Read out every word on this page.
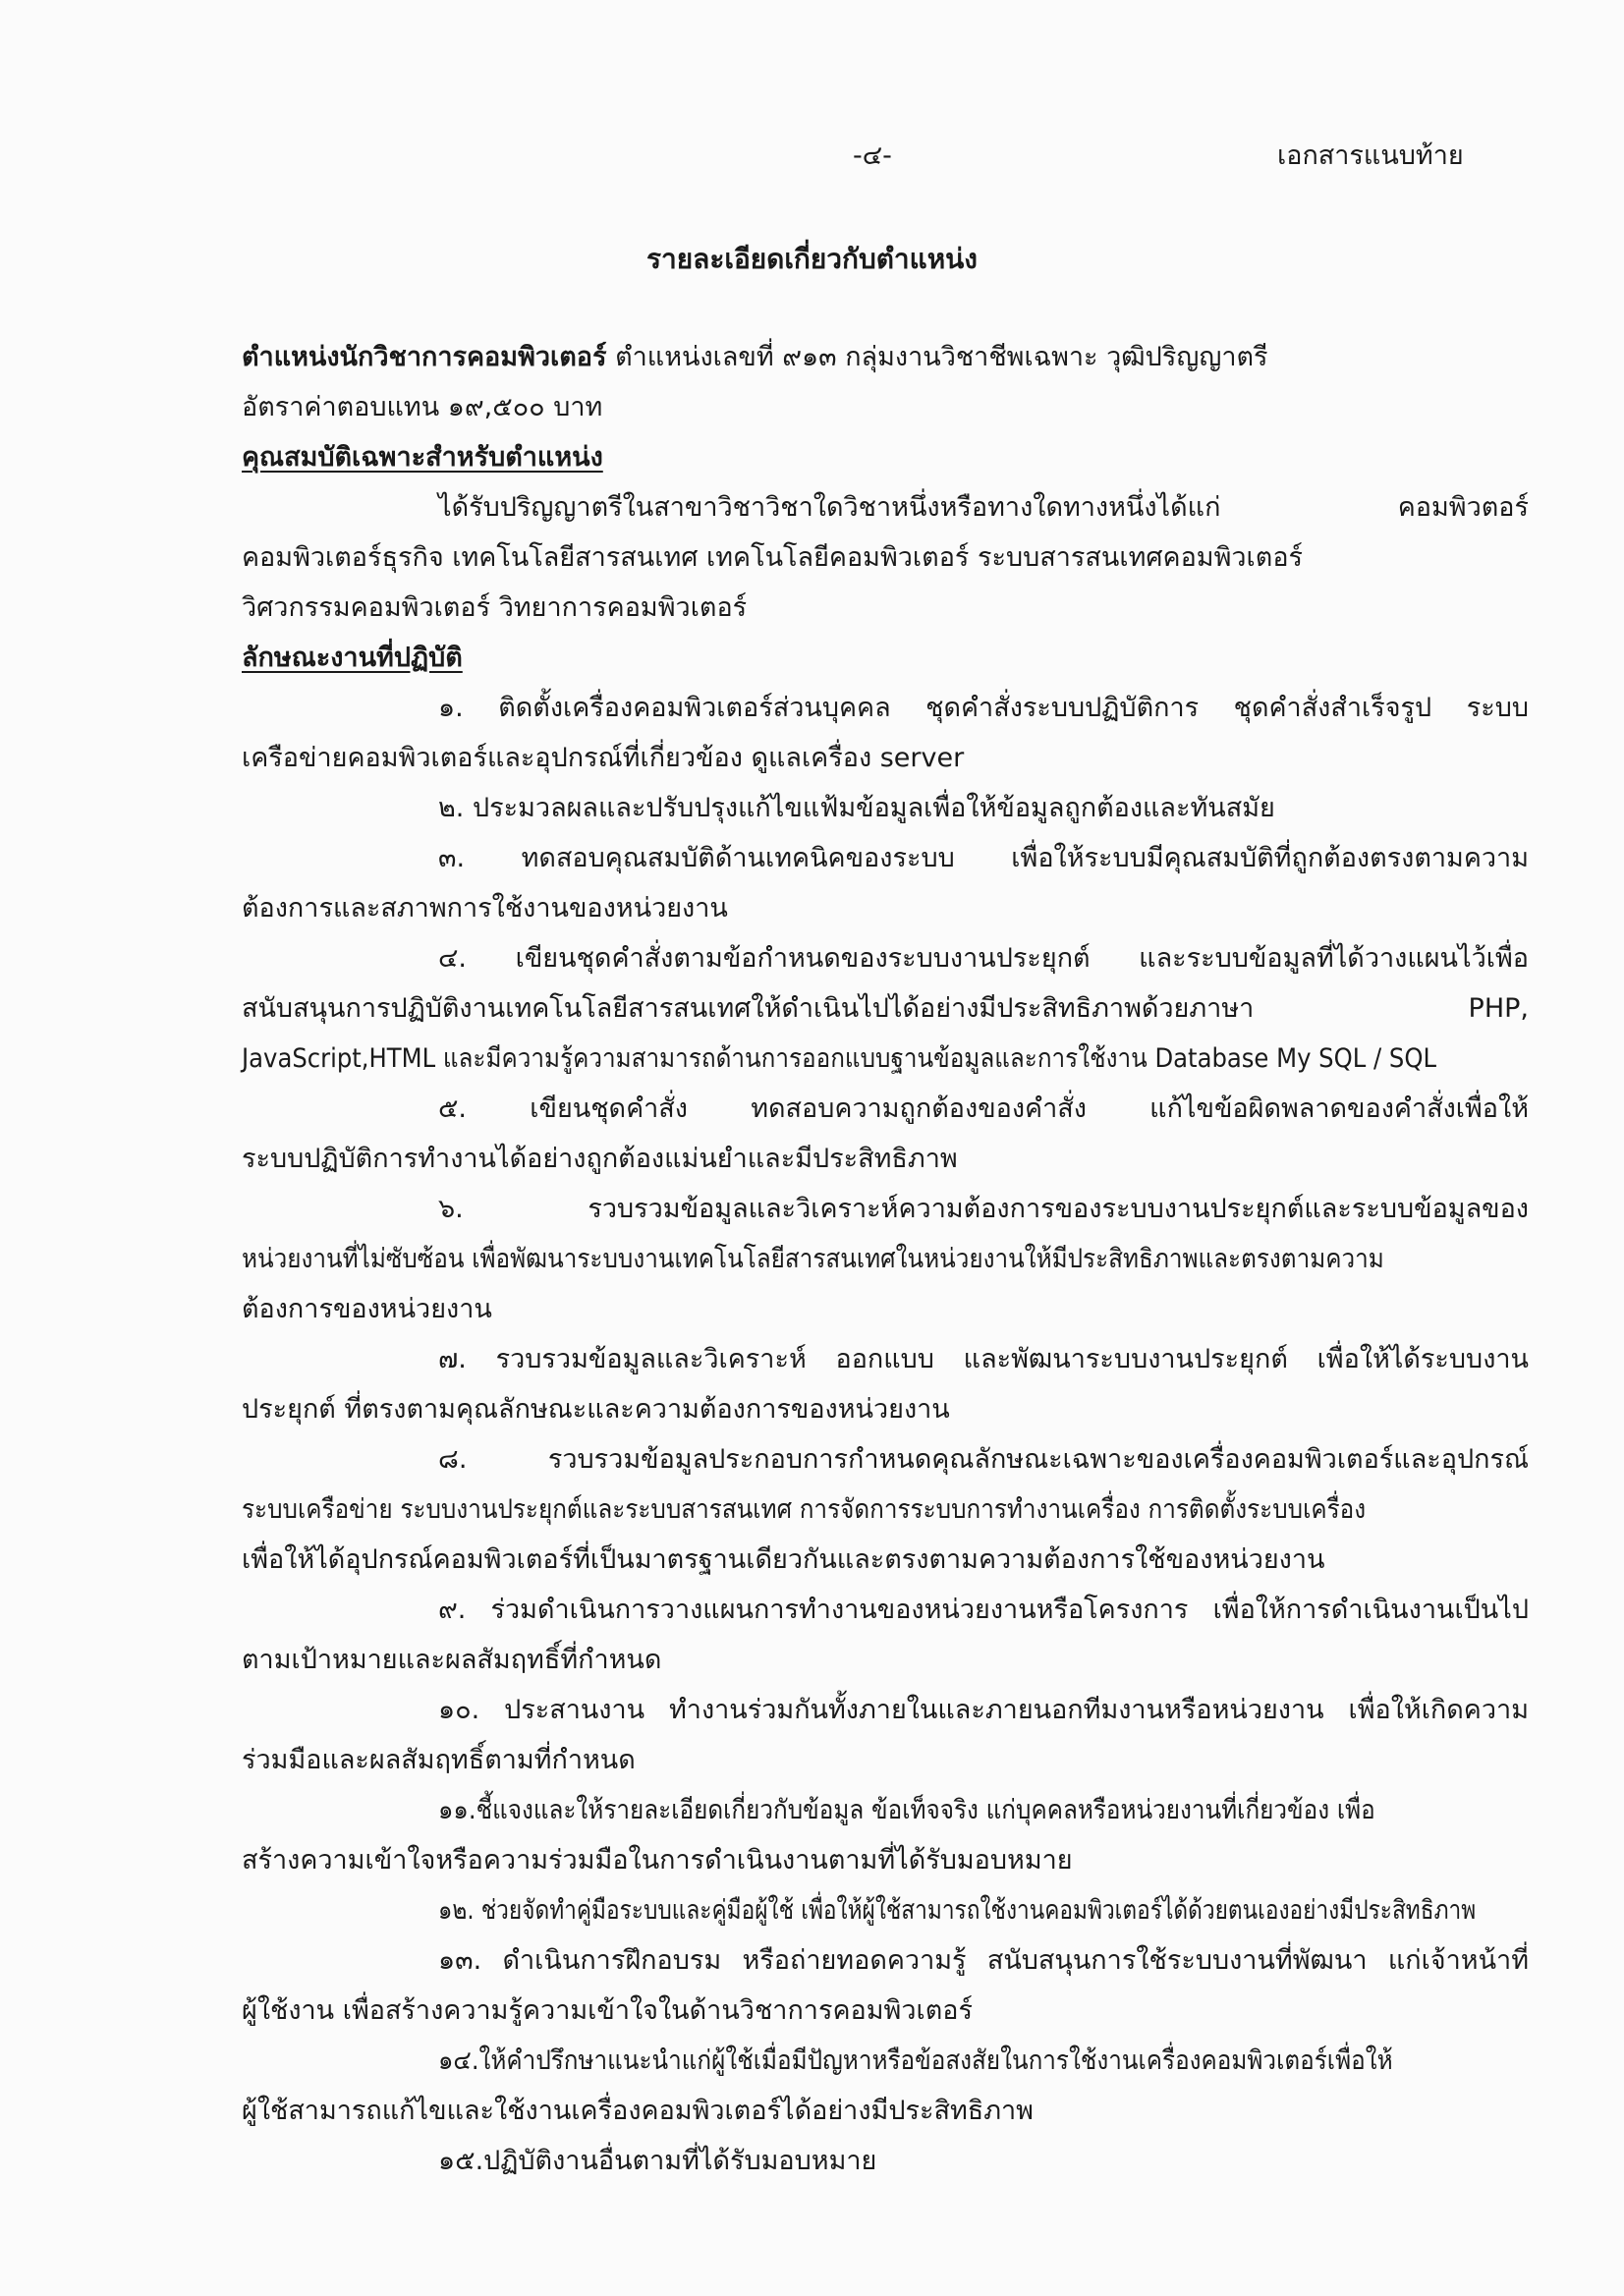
-๔-	เอกสารแนบท้าย
รายละเอียดเกี่ยวกับตำแหน่ง
ตำแหน่งนักวิชาการคอมพิวเตอร์ ตำแหน่งเลขที่ ๙๑๓ กลุ่มงานวิชาชีพเฉพาะ วุฒิปริญญาตรี
อัตราค่าตอบแทน ๑๙,๕๐๐ บาท
คุณสมบัติเฉพาะสำหรับตำแหน่ง
ได้รับปริญญาตรีในสาขาวิชาวิชาใดวิชาหนึ่งหรือทางใดทางหนึ่งได้แก่ คอมพิวตอร์
คอมพิวเตอร์ธุรกิจ เทคโนโลยีสารสนเทศ เทคโนโลยีคอมพิวเตอร์ ระบบสารสนเทศคอมพิวเตอร์
วิศวกรรมคอมพิวเตอร์ วิทยาการคอมพิวเตอร์
ลักษณะงานที่ปฏิบัติ
๑. ติดตั้งเครื่องคอมพิวเตอร์ส่วนบุคคล ชุดคำสั่งระบบปฏิบัติการ ชุดคำสั่งสำเร็จรูป ระบบ
เครือข่ายคอมพิวเตอร์และอุปกรณ์ที่เกี่ยวข้อง ดูแลเครื่อง server
๒. ประมวลผลและปรับปรุงแก้ไขแฟ้มข้อมูลเพื่อให้ข้อมูลถูกต้องและทันสมัย
๓. ทดสอบคุณสมบัติด้านเทคนิคของระบบ เพื่อให้ระบบมีคุณสมบัติที่ถูกต้องตรงตามความ
ต้องการและสภาพการใช้งานของหน่วยงาน
๔. เขียนชุดคำสั่งตามข้อกำหนดของระบบงานประยุกต์ และระบบข้อมูลที่ได้วางแผนไว้เพื่อ
สนับสนุนการปฏิบัติงานเทคโนโลยีสารสนเทศให้ดำเนินไปได้อย่างมีประสิทธิภาพด้วยภาษา PHP,
JavaScript,HTML และมีความรู้ความสามารถด้านการออกแบบฐานข้อมูลและการใช้งาน Database My SQL / SQL
๕. เขียนชุดคำสั่ง ทดสอบความถูกต้องของคำสั่ง แก้ไขข้อผิดพลาดของคำสั่งเพื่อให้
ระบบปฏิบัติการทำงานได้อย่างถูกต้องแม่นยำและมีประสิทธิภาพ
๖. รวบรวมข้อมูลและวิเคราะห์ความต้องการของระบบงานประยุกต์และระบบข้อมูลของ
หน่วยงานที่ไม่ซับซ้อน เพื่อพัฒนาระบบงานเทคโนโลยีสารสนเทศในหน่วยงานให้มีประสิทธิภาพและตรงตามความ
ต้องการของหน่วยงาน
๗. รวบรวมข้อมูลและวิเคราะห์ ออกแบบ และพัฒนาระบบงานประยุกต์ เพื่อให้ได้ระบบงาน
ประยุกต์ ที่ตรงตามคุณลักษณะและความต้องการของหน่วยงาน
๘. รวบรวมข้อมูลประกอบการกำหนดคุณลักษณะเฉพาะของเครื่องคอมพิวเตอร์และอุปกรณ์
ระบบเครือข่าย ระบบงานประยุกต์และระบบสารสนเทศ การจัดการระบบการทำงานเครื่อง การติดตั้งระบบเครื่อง
เพื่อให้ได้อุปกรณ์คอมพิวเตอร์ที่เป็นมาตรฐานเดียวกันและตรงตามความต้องการใช้ของหน่วยงาน
๙. ร่วมดำเนินการวางแผนการทำงานของหน่วยงานหรือโครงการ เพื่อให้การดำเนินงานเป็นไป
ตามเป้าหมายและผลสัมฤทธิ์ที่กำหนด
๑๐. ประสานงาน ทำงานร่วมกันทั้งภายในและภายนอกทีมงานหรือหน่วยงาน เพื่อให้เกิดความ
ร่วมมือและผลสัมฤทธิ์ตามที่กำหนด
๑๑.ชี้แจงและให้รายละเอียดเกี่ยวกับข้อมูล ข้อเท็จจริง แก่บุคคลหรือหน่วยงานที่เกี่ยวข้อง เพื่อ
สร้างความเข้าใจหรือความร่วมมือในการดำเนินงานตามที่ได้รับมอบหมาย
๑๒. ช่วยจัดทำคู่มือระบบและคู่มือผู้ใช้ เพื่อให้ผู้ใช้สามารถใช้งานคอมพิวเตอร์ได้ด้วยตนเองอย่างมีประสิทธิภาพ
๑๓. ดำเนินการฝึกอบรม หรือถ่ายทอดความรู้ สนับสนุนการใช้ระบบงานที่พัฒนา แก่เจ้าหน้าที่
ผู้ใช้งาน เพื่อสร้างความรู้ความเข้าใจในด้านวิชาการคอมพิวเตอร์
๑๔.ให้คำปรึกษาแนะนำแก่ผู้ใช้เมื่อมีปัญหาหรือข้อสงสัยในการใช้งานเครื่องคอมพิวเตอร์เพื่อให้
ผู้ใช้สามารถแก้ไขและใช้งานเครื่องคอมพิวเตอร์ได้อย่างมีประสิทธิภาพ
๑๕.ปฏิบัติงานอื่นตามที่ได้รับมอบหมาย
